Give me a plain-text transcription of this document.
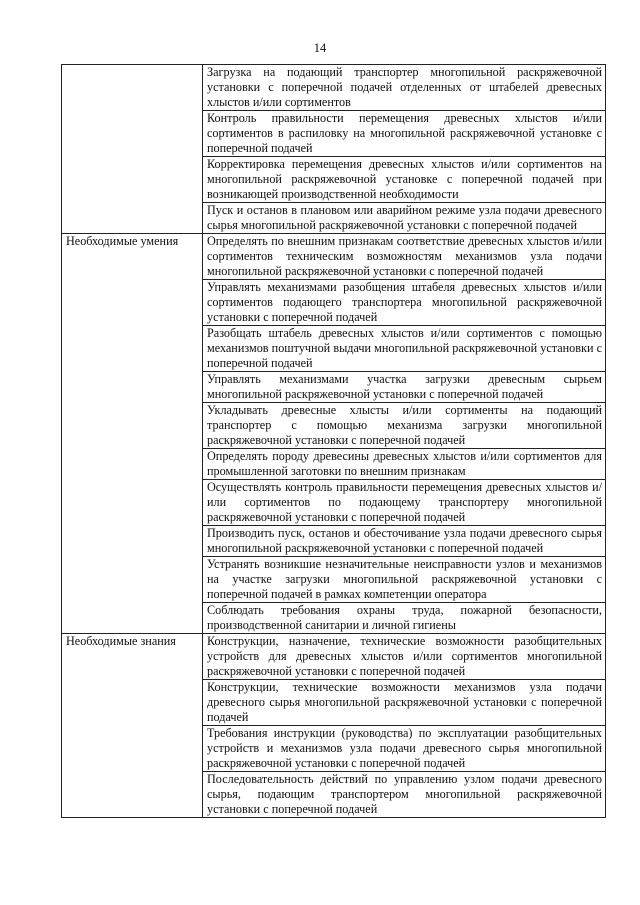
14
	Загрузка на подающий транспортер многопильной раскряжевочной установки с поперечной подачей отделенных от штабелей древесных хлыстов и/или сортиментов
	Контроль правильности перемещения древесных хлыстов и/или сортиментов в распиловку на многопильной раскряжевочной установке с поперечной подачей
	Корректировка перемещения древесных хлыстов и/или сортиментов на многопильной раскряжевочной установке с поперечной подачей при возникающей производственной необходимости
	Пуск и останов в плановом или аварийном режиме узла подачи древесного сырья многопильной раскряжевочной установки с поперечной подачей
Необходимые умения	Определять по внешним признакам соответствие древесных хлыстов и/или сортиментов техническим возможностям механизмов узла подачи многопильной раскряжевочной установки с поперечной подачей
	Управлять механизмами разобщения штабеля древесных хлыстов и/или сортиментов подающего транспортера многопильной раскряжевочной установки с поперечной подачей
	Разобщать штабель древесных хлыстов и/или сортиментов с помощью механизмов поштучной выдачи многопильной раскряжевочной установки с поперечной подачей
	Управлять механизмами участка загрузки древесным сырьем многопильной раскряжевочной установки с поперечной подачей
	Укладывать древесные хлысты и/или сортименты на подающий транспортер с помощью механизма загрузки многопильной раскряжевочной установки с поперечной подачей
	Определять породу древесины древесных хлыстов и/или сортиментов для промышленной заготовки по внешним признакам
	Осуществлять контроль правильности перемещения древесных хлыстов и/или сортиментов по подающему транспортеру многопильной раскряжевочной установки с поперечной подачей
	Производить пуск, останов и обесточивание узла подачи древесного сырья многопильной раскряжевочной установки с поперечной подачей
	Устранять возникшие незначительные неисправности узлов и механизмов на участке загрузки многопильной раскряжевочной установки с поперечной подачей в рамках компетенции оператора
	Соблюдать требования охраны труда, пожарной безопасности, производственной санитарии и личной гигиены
Необходимые знания	Конструкции, назначение, технические возможности разобщительных устройств для древесных хлыстов и/или сортиментов многопильной раскряжевочной установки с поперечной подачей
	Конструкции, технические возможности механизмов узла подачи древесного сырья многопильной раскряжевочной установки с поперечной подачей
	Требования инструкции (руководства) по эксплуатации разобщительных устройств и механизмов узла подачи древесного сырья многопильной раскряжевочной установки с поперечной подачей
	Последовательность действий по управлению узлом подачи древесного сырья, подающим транспортером многопильной раскряжевочной установки с поперечной подачей
